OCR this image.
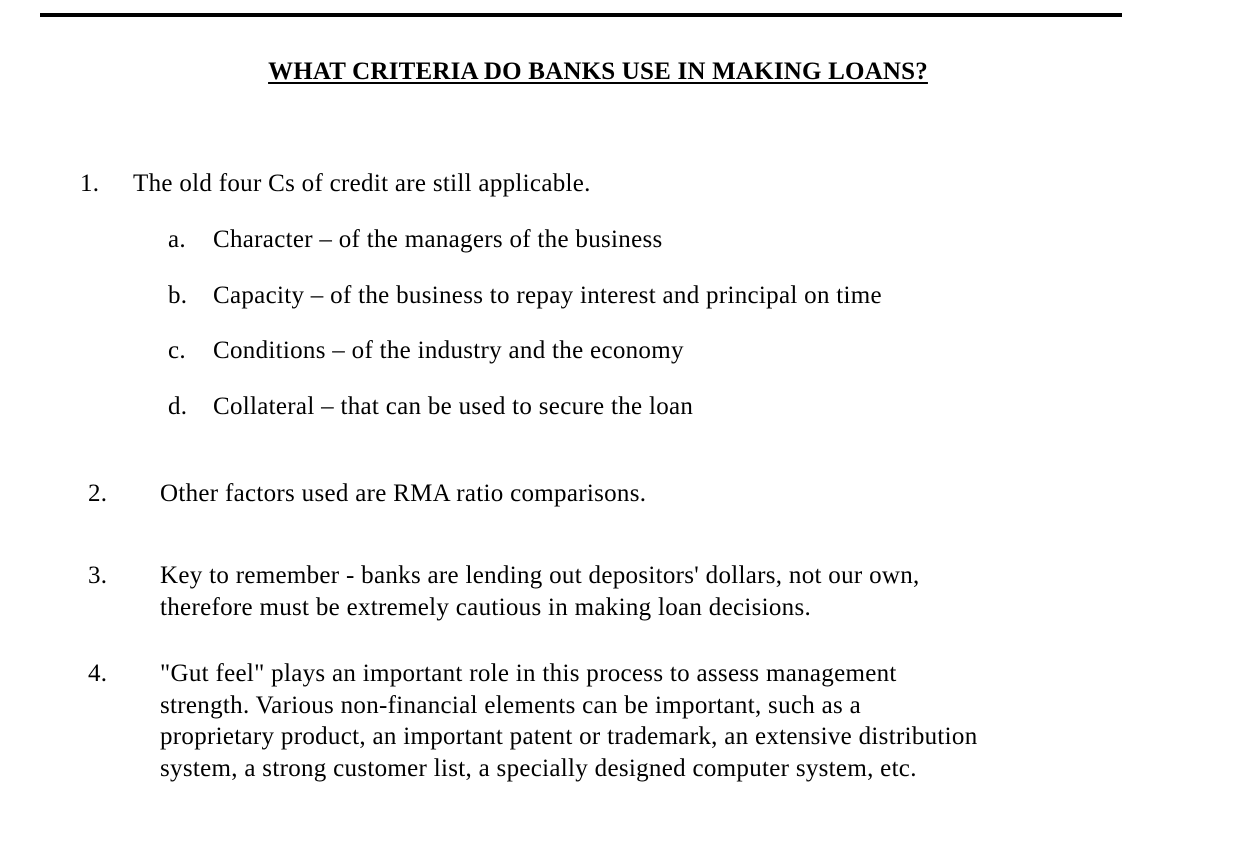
WHAT CRITERIA DO BANKS USE IN MAKING LOANS?
1. The old four Cs of credit are still applicable.
a. Character – of the managers of the business
b. Capacity – of the business to repay interest and principal on time
c. Conditions – of the industry and the economy
d. Collateral – that can be used to secure the loan
2. Other factors used are RMA ratio comparisons.
3. Key to remember - banks are lending out depositors' dollars, not our own,
therefore must be extremely cautious in making loan decisions.
4. "Gut feel" plays an important role in this process to assess management
strength. Various non-financial elements can be important, such as a
proprietary product, an important patent or trademark, an extensive distribution
system, a strong customer list, a specially designed computer system, etc.
